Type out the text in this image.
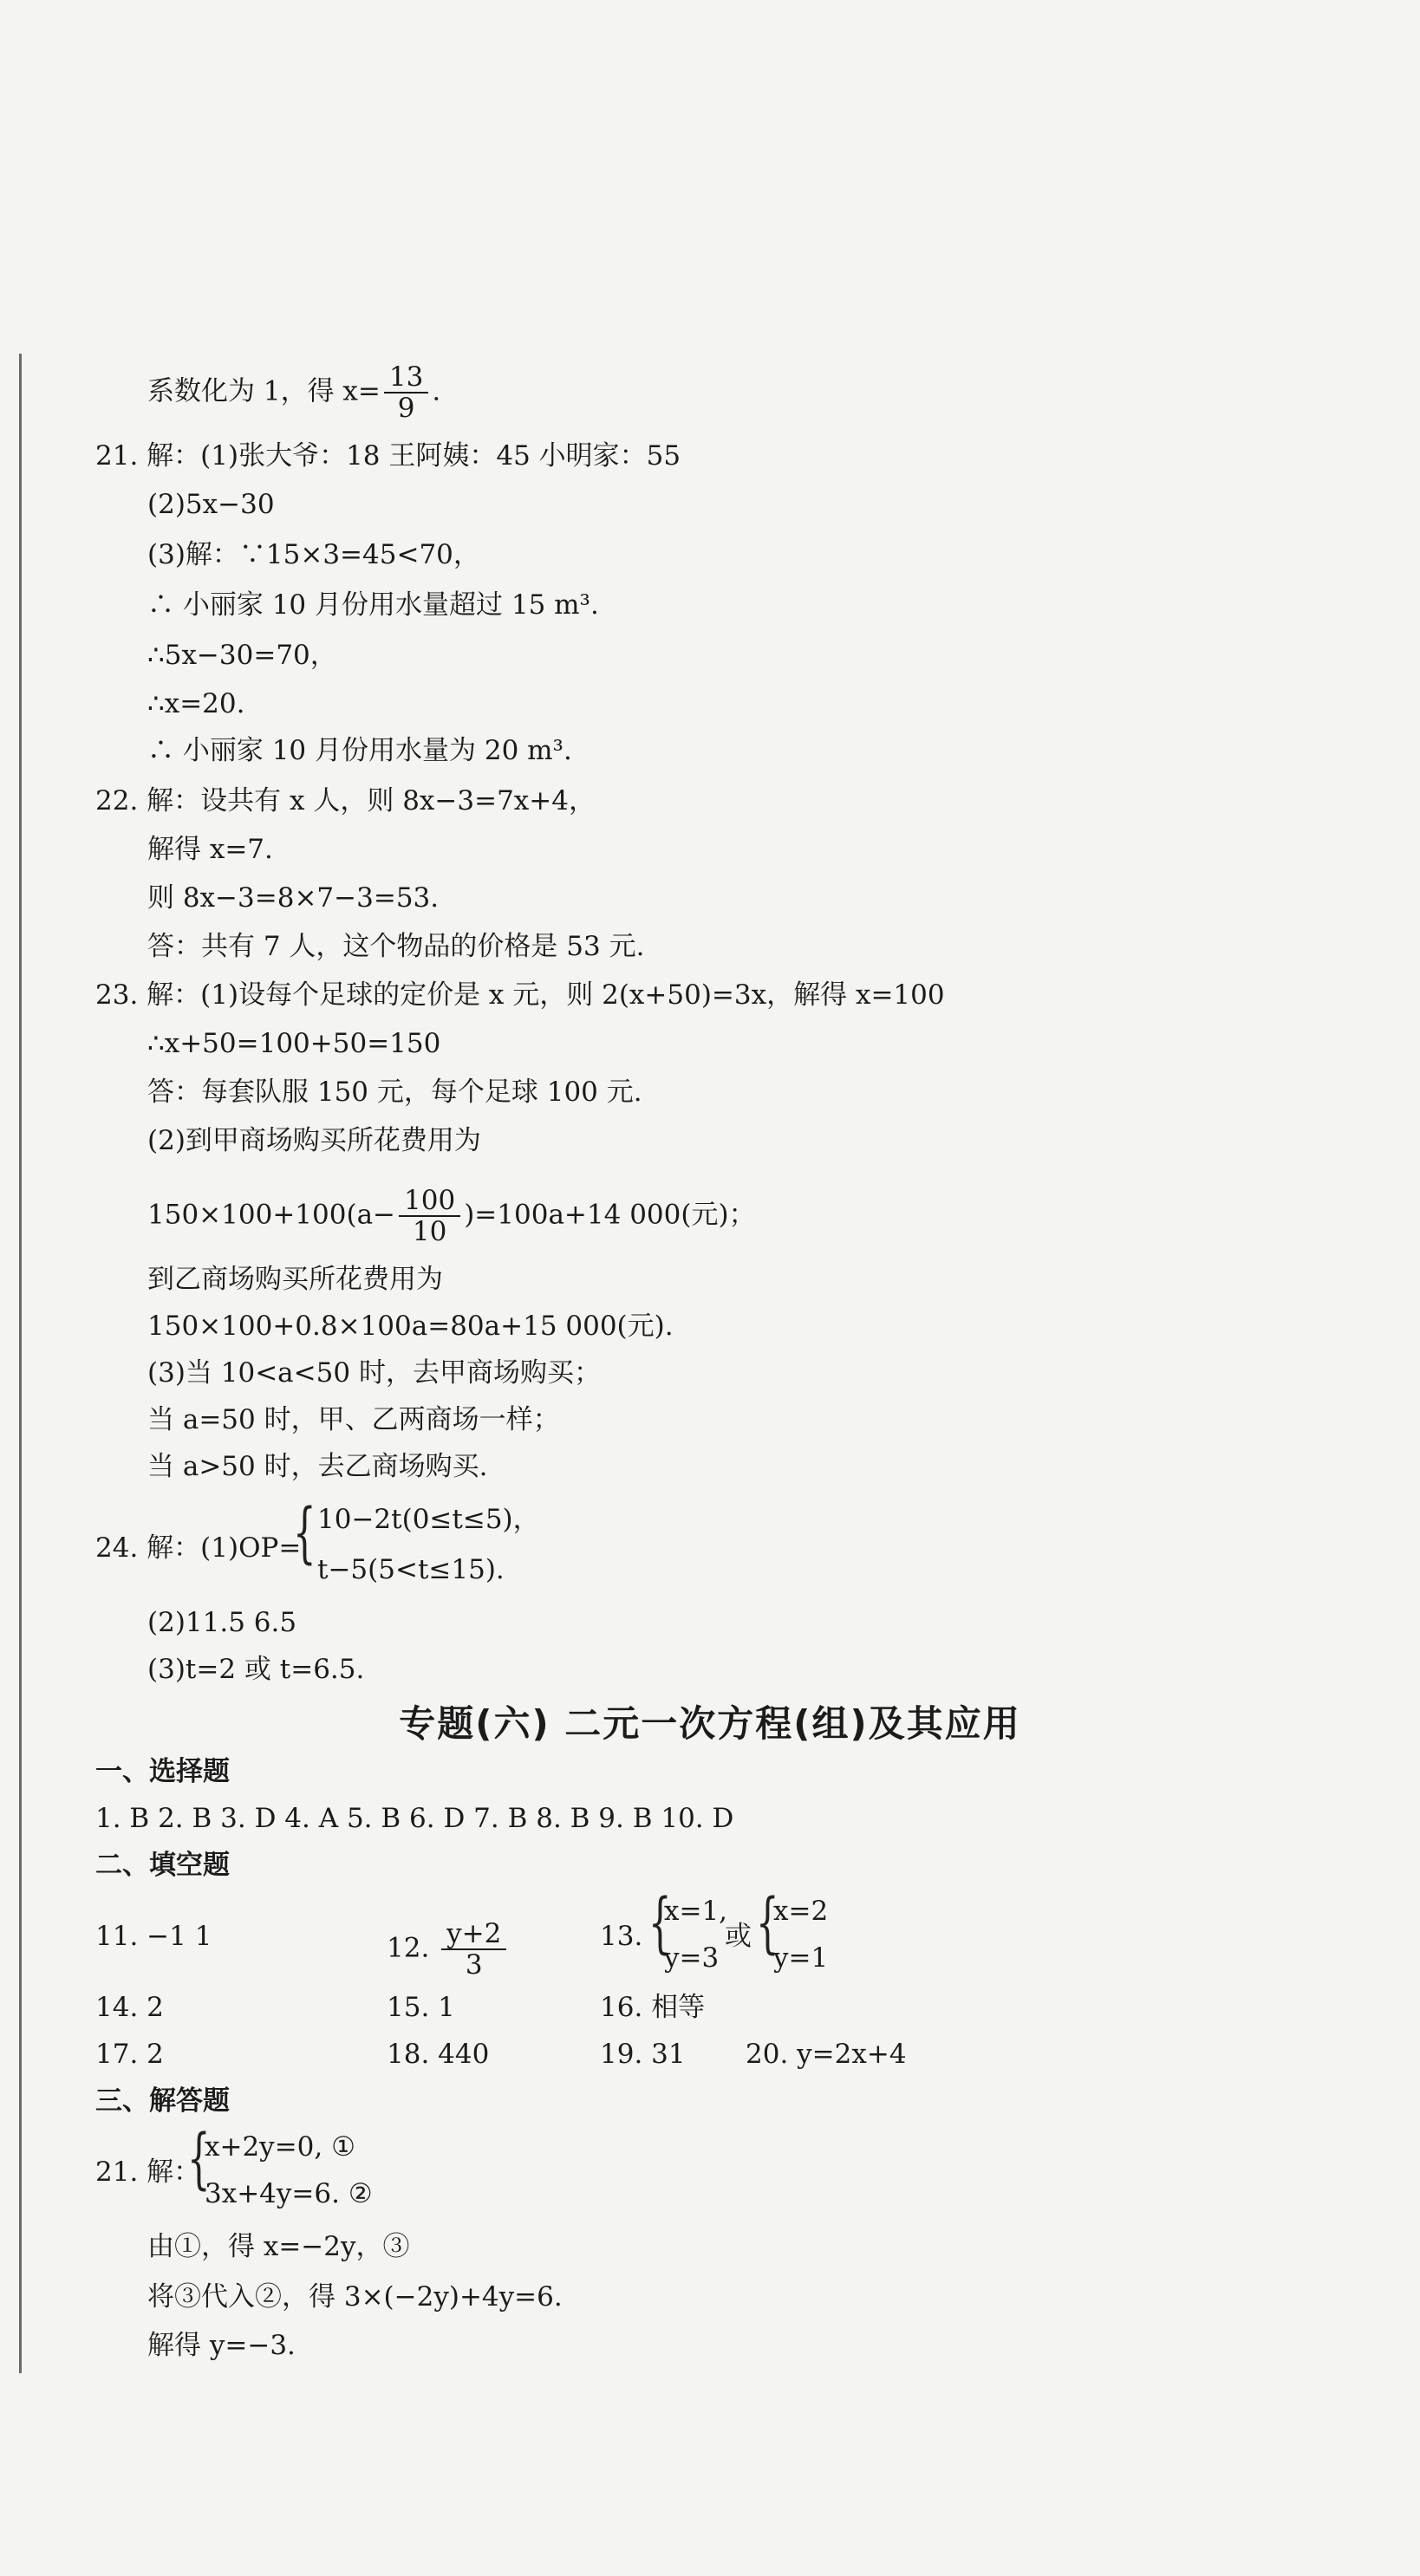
系数化为 1，得 $x= \frac{13}{9}$ .
21. 解：(1)张大爷：18 王阿姨：45 小明家：55
(2)5x−30
(3)解：∵15×3=45<70，
∴ 小丽家 10 月份用水量超过 15 m³.
∴5x−30=70，
∴x=20.
∴ 小丽家 10 月份用水量为 20 m³.
22. 解：设共有 x 人，则 8x−3=7x+4，
解得 x=7.
则 8x−3=8×7−3=53.
答：共有 7 人，这个物品的价格是 53 元.
23. 解：(1)设每个足球的定价是 x 元，则 2(x+50)=3x，解得 x=100
∴x+50=100+50=150
答：每套队服 150 元，每个足球 100 元.
(2)到甲商场购买所花费用为
$150\times 100+100(a- \frac{100}{10} )=100a+14$ 000(元)；
到乙商场购买所花费用为
150×100+0.8×100a=80a+15 000(元).
(3)当 10<a<50 时，去甲商场购买；
当 a=50 时，甲、乙两商场一样；
当 a>50 时，去乙商场购买.
24. 解：(1)OP=
{ 10−2t(0≤t≤5)，
t−5(5<t≤15).
(2)11.5 6.5
(3)t=2 或 t=6.5.
专题(六) 二元一次方程(组)及其应用
一、选择题
1. B 2. B 3. D 4. A 5. B 6. D 7. B 8. B 9. B 10. D
二、填空题
11. −1 1	12. $\frac{y+2}{3}$	13. {
x=1,
y=3
或 {
x=2
y=1
14. 2	15. 1	16. 相等
17. 2	18. 440	19. 31 20. y=2x+4
三、解答题
21. 解：
{
x+2y=0, ①
3x+4y=6. ②
由①，得 x=−2y，③
将③代入②，得 3×(−2y)+4y=6.
解得 y=−3.
